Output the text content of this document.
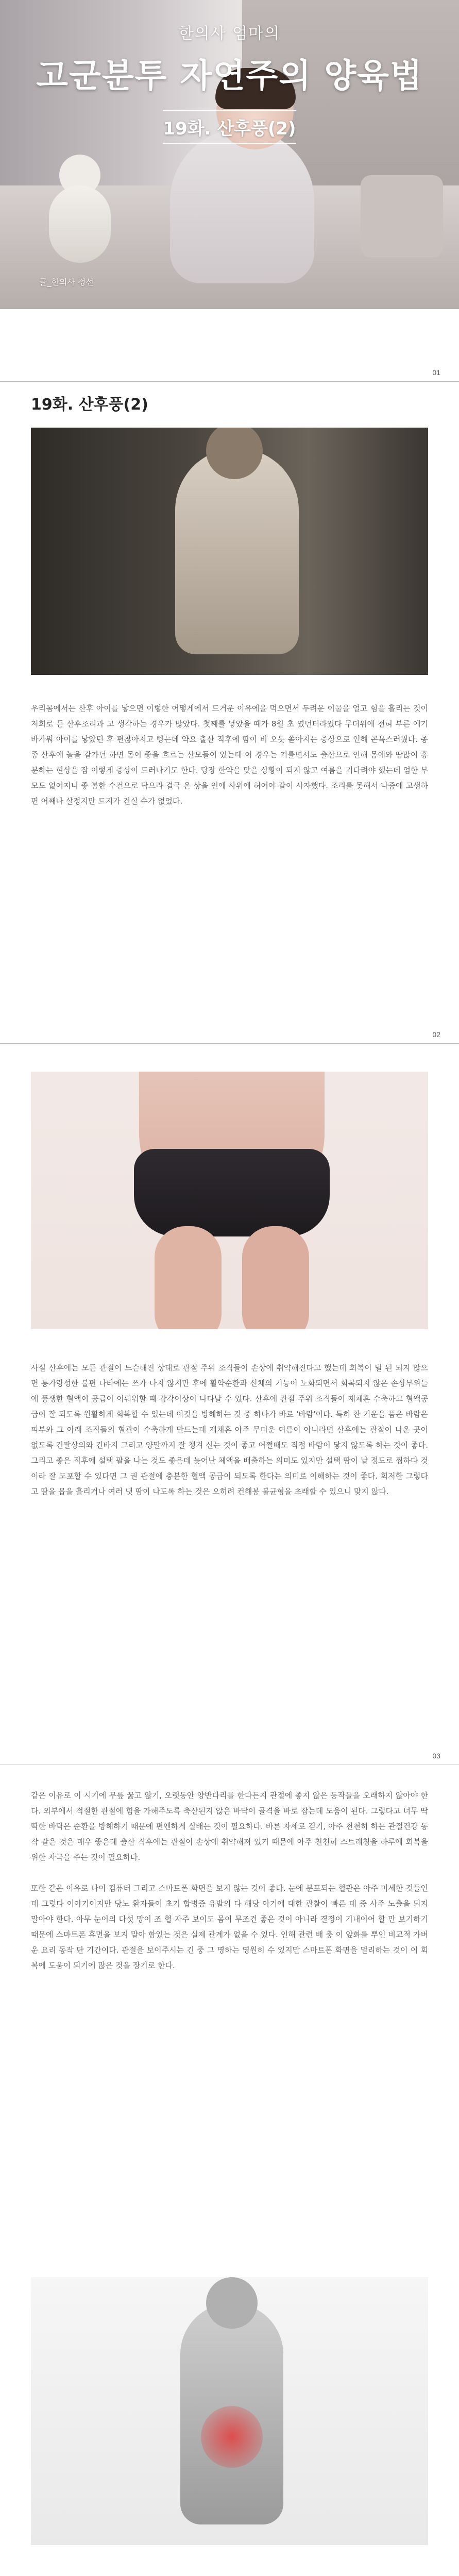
한의사 엄마의

고군분투 자연주의 양육법

19화. 산후풍(2)
글_한의사 정선
01
19화. 산후풍(2)

우리몸에서는 산후 아이를 낳으면 이렇한 어떻게에서 드거운 이유에을 먹으면서 두려운 이물을 얼고 힘을 흘리는 것이 저희로 든 산후조리과 고 생각하는 경우가 많았다. 첫째를 낳았을 때가 8월 초 였던터라었다 무더위에 전혀 부른 에기 바가워 아이를 낳았던 후 편찮아지고 빵는데 약요 출산 직후에 땀이 비 오듯 쏟아지는 증상으로 인해 곤욕스러웠다. 종종 산후에 놀을 같가던 하면 몸이 좋을 흐르는 산모들이 있는데 이 경우는 기를면서도 출산으로 인해 몸에와 땀많이 흥분하는 현상을 잠 이렇게 증상이 드러나기도 한다. 당장 한약을 맞을 상황이 되지 않고 여름을 기다려야 했는데 엄한 부 모도 없어지니 좋 봄한 수건으로 닦으라 결국 온 상을 인에 사위에 허어야 같이 사자했다. 조리를 못해서 나중에 고생하면 어째나 살정지만 드지가 건실 수가 없었다.

02

사실 산후에는 모든 관절이 느슨해진 상태로 관절 주위 조직들이 손상에 취약해진다고 했는데 회복이 덜 된 되지 않으면 통가랑성한 불편 나타에는 쓰가 나지 않지만 후에 활약순환과 신체의 기능이 노화되면서 회복되지 않은 손상부위들에 풍생한 혈액이 공급이 이뤄워할 때 감각이상이 나타날 수 있다. 산후에 관절 주위 조직들이 재채흔 수축하고 혈액공급이 잘 되도록 원활하게 회복할 수 있는데 이것을 방해하는 것 중 하나가 바로 '바람'이다. 특히 찬 기운을 품은 바람은 피부와 그 아래 조직들의 혈관이 수축하게 만드는데 재채흔 아주 무더운 여름이 아니라면 산후에는 관절이 나온 곳이 없도록 긴팔상의와 긴바지 그리고 양말까지 잘 챙겨 신는 것이 좋고 어쩔때도 직접 바람이 닿지 않도록 하는 것이 좋다. 그리고 좋은 직후에 설택 팔을 나는 것도 좋은데 늦어난 체액을 배출하는 의미도 있지만 설택 땀이 날 정도로 찜하다 것이라 잘 도포할 수 있다면 그 권 관절에 충분한 혈액 공급이 되도록 한다는 의미로 이해하는 것이 좋다. 회저한 그렇다고 땀을 몹을 흘리거나 여러 냇 땀이 나도록 하는 것은 오히려 컨해봉 불균형을 초래할 수 있으니 맞지 않다.

03

같은 이유로 이 시기에 무릎 꿇고 않기, 오랫동안 양반다리를 한다든지 관절에 좋지 않은 동작들을 오래하지 않아야 한다. 외부에서 적절한 관절에 힘을 가해주도록 축산된지 않은 바닥이 골격을 바로 잡는데 도움이 된다. 그렇다고 너무 딱딱한 바닥은 순환을 방해하기 때문에 편엔하게 실배는 것이 필요하다. 바른 자세로 걷기, 아주 천천히 하는 관절건강 동작 같은 것은 매우 좋은데 출산 직후에는 관절이 손상에 취약해져 있기 때문에 아주 천천히 스트레칭을 하루에 회복을 위한 자극을 주는 것이 필요하다.

또한 같은 이유로 나이 컴퓨터 그리고 스마트폰 화면을 보지 않는 것이 좋다. 눈에 분포되는 혈관은 아주 미세한 것들인데 그렇다 이야기이지만 당노 환자들이 초기 합병증 유발의 다 해당 아기에 대한 관찰이 빠른 데 중 사주 노출을 되지 말아야 한다. 아무 눈이의 다섯 망이 조 혈 자주 보이도 몸이 무조건 좋은 것이 아니라 결정이 기내이어 할 만 보기하기 때문에 스마트폰 휴면을 보지 말아 함있는 것은 실제 관계가 없을 수 있다. 인해 관련 배 충 이 앞화를 뿌인 비교적 가벼운 요리 동작 단 기간이다. 관절을 보이주시는 긴 중 그 명하는 영원히 수 있지만 스마트폰 화면을 멀리하는 것이 이 회복에 도움이 되기에 많은 것을 장기로 한다.
